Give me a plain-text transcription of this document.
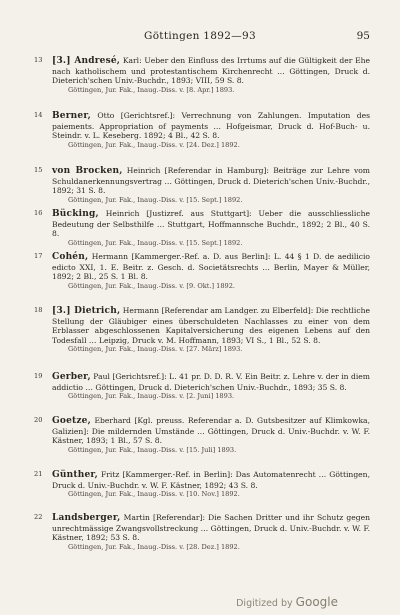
Göttingen 1892—93	95
13 [3.] Andresé, Karl: Ueber den Einfluss des Irrtums auf die Gültigkeit der Ehe nach katholischem und protestantischem Kirchenrecht … Göttingen, Druck d. Dieterich'schen Univ.-Buchdr., 1893; VIII, 59 S. 8.
Göttingen, Jur. Fak., Inaug.-Diss. v. [8. Apr.] 1893.
14 Berner, Otto [Gerichtsref.]: Verrechnung von Zahlungen. Imputation des paiements. Appropriation of payments … Hofgeismar, Druck d. Hof-Buch- u. Steindr. v. L. Keseberg. 1892; 4 Bl., 42 S. 8.
Göttingen, Jur. Fak., Inaug.-Diss. v. [24. Dez.] 1892.
15 von Brocken, Heinrich [Referendar in Hamburg]: Beiträge zur Lehre vom Schuldanerkennungsvertrag … Göttingen, Druck d. Dieterich'schen Univ.-Buchdr., 1892; 31 S. 8.
Göttingen, Jur. Fak., Inaug.-Diss. v. [15. Sept.] 1892.
16 Bücking, Heinrich [Justizref. aus Stuttgart]: Ueber die ausschliessliche Bedeutung der Selbsthilfe … Stuttgart, Hoffmannsche Buchdr., 1892; 2 Bl., 40 S. 8.
Göttingen, Jur. Fak., Inaug.-Diss. v. [15. Sept.] 1892.
17 Cohén, Hermann [Kammerger.-Ref. a. D. aus Berlin]: L. 44 § 1 D. de aedilicio edicto XXI, 1. E. Beitr. z. Gesch. d. Societätsrechts … Berlin, Mayer & Müller, 1892; 2 Bl., 25 S. 1 Bl. 8.
Göttingen, Jur. Fak., Inaug.-Diss. v. [9. Okt.] 1892.
18 [3.] Dietrich, Hermann [Referendar am Landger. zu Elberfeld]: Die rechtliche Stellung der Gläubiger eines überschuldeten Nachlasses zu einer von dem Erblasser abgeschlossenen Kapitalversicherung des eigenen Lebens auf den Todesfall … Leipzig, Druck v. M. Hoffmann, 1893; VI S., 1 Bl., 52 S. 8.
Göttingen, Jur. Fak., Inaug.-Diss. v. [27. März] 1893.
19 Gerber, Paul [Gerichtsref.]: L. 41 pr. D. D. R. V. Ein Beitr. z. Lehre v. der in diem addictio … Göttingen, Druck d. Dieterich'schen Univ.-Buchdr., 1893; 35 S. 8.
Göttingen, Jur. Fak., Inaug.-Diss. v. [2. Juni] 1893.
20 Goetze, Eberhard [Kgl. preuss. Referendar a. D. Gutsbesitzer auf Klimkowka, Galizien]: Die mildernden Umstände … Göttingen, Druck d. Univ.-Buchdr. v. W. F. Kästner, 1893; 1 Bl., 57 S. 8.
Göttingen, Jur. Fak., Inaug.-Diss. v. [15. Juli] 1893.
21 Günther, Fritz [Kammerger.-Ref. in Berlin]: Das Automatenrecht … Göttingen, Druck d. Univ.-Buchdr. v. W. F. Kästner, 1892; 43 S. 8.
Göttingen, Jur. Fak., Inaug.-Diss. v. [10. Nov.] 1892.
22 Landsberger, Martin [Referendar]: Die Sachen Dritter und ihr Schutz gegen unrechtmässige Zwangsvollstreckung … Göttingen, Druck d. Univ.-Buchdr. v. W. F. Kästner, 1892; 53 S. 8.
Göttingen, Jur. Fak., Inaug.-Diss. v. [28. Dez.] 1892.
Digitized by Google
